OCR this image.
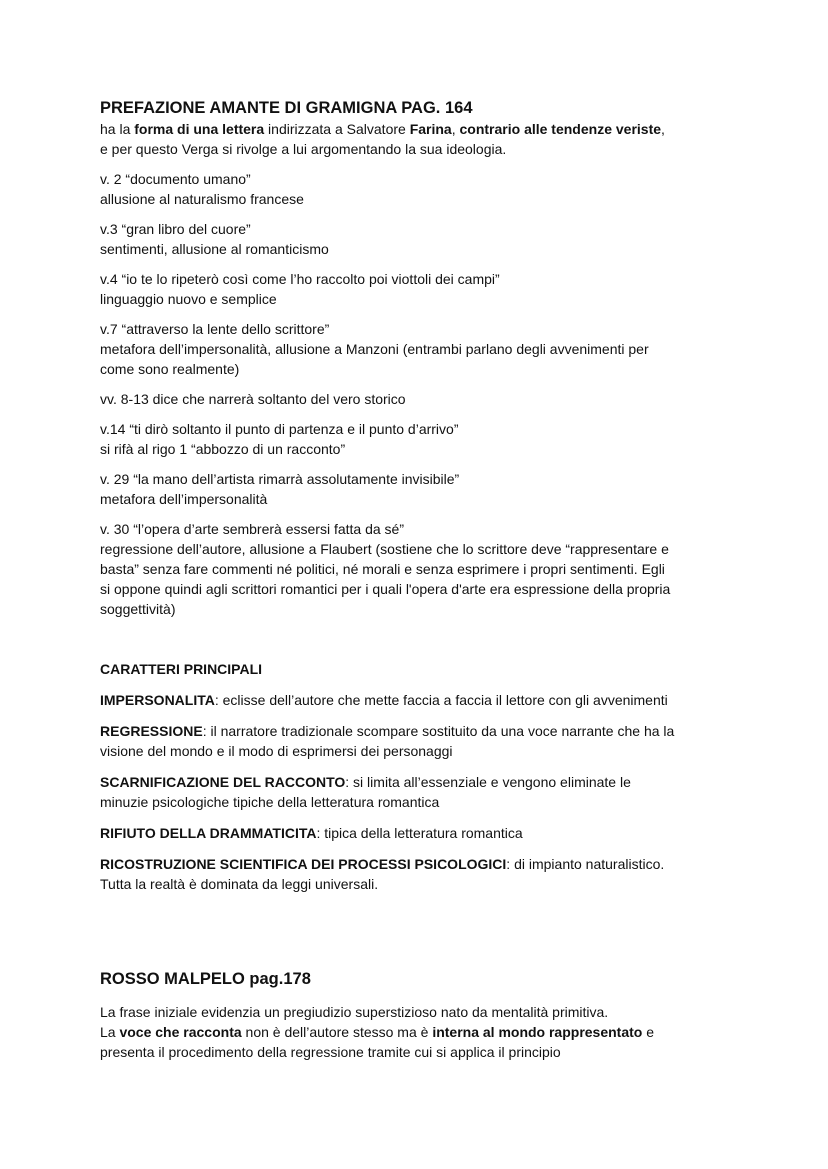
PREFAZIONE AMANTE DI GRAMIGNA PAG. 164

ha la forma di una lettera indirizzata a Salvatore Farina, contrario alle tendenze veriste,

e per questo Verga si rivolge a lui argomentando la sua ideologia.

v. 2 “documento umano”

allusione al naturalismo francese

v.3 “gran libro del cuore”

sentimenti, allusione al romanticismo

v.4 “io te lo ripeterò così come l’ho raccolto poi viottoli dei campi”

linguaggio nuovo e semplice

v.7 “attraverso la lente dello scrittore”

metafora dell’impersonalità, allusione a Manzoni (entrambi parlano degli avvenimenti per

come sono realmente)

vv. 8-13 dice che narrerà soltanto del vero storico

v.14 “ti dirò soltanto il punto di partenza e il punto d’arrivo”

si rifà al rigo 1 “abbozzo di un racconto”

v. 29 “la mano dell’artista rimarrà assolutamente invisibile”

metafora dell’impersonalità

v. 30 “l’opera d’arte sembrerà essersi fatta da sé”

regressione dell’autore, allusione a Flaubert (sostiene che lo scrittore deve “rappresentare e

basta” senza fare commenti né politici, né morali e senza esprimere i propri sentimenti. Egli

si oppone quindi agli scrittori romantici per i quali l'opera d'arte era espressione della propria

soggettività)

CARATTERI PRINCIPALI

IMPERSONALITA: eclisse dell’autore che mette faccia a faccia il lettore con gli avvenimenti

REGRESSIONE: il narratore tradizionale scompare sostituito da una voce narrante che ha la

visione del mondo e il modo di esprimersi dei personaggi

SCARNIFICAZIONE DEL RACCONTO: si limita all’essenziale e vengono eliminate le

minuzie psicologiche tipiche della letteratura romantica

RIFIUTO DELLA DRAMMATICITA: tipica della letteratura romantica

RICOSTRUZIONE SCIENTIFICA DEI PROCESSI PSICOLOGICI: di impianto naturalistico.

Tutta la realtà è dominata da leggi universali.

ROSSO MALPELO pag.178

La frase iniziale evidenzia un pregiudizio superstizioso nato da mentalità primitiva.

La voce che racconta non è dell’autore stesso ma è interna al mondo rappresentato e

presenta il procedimento della regressione tramite cui si applica il principio
